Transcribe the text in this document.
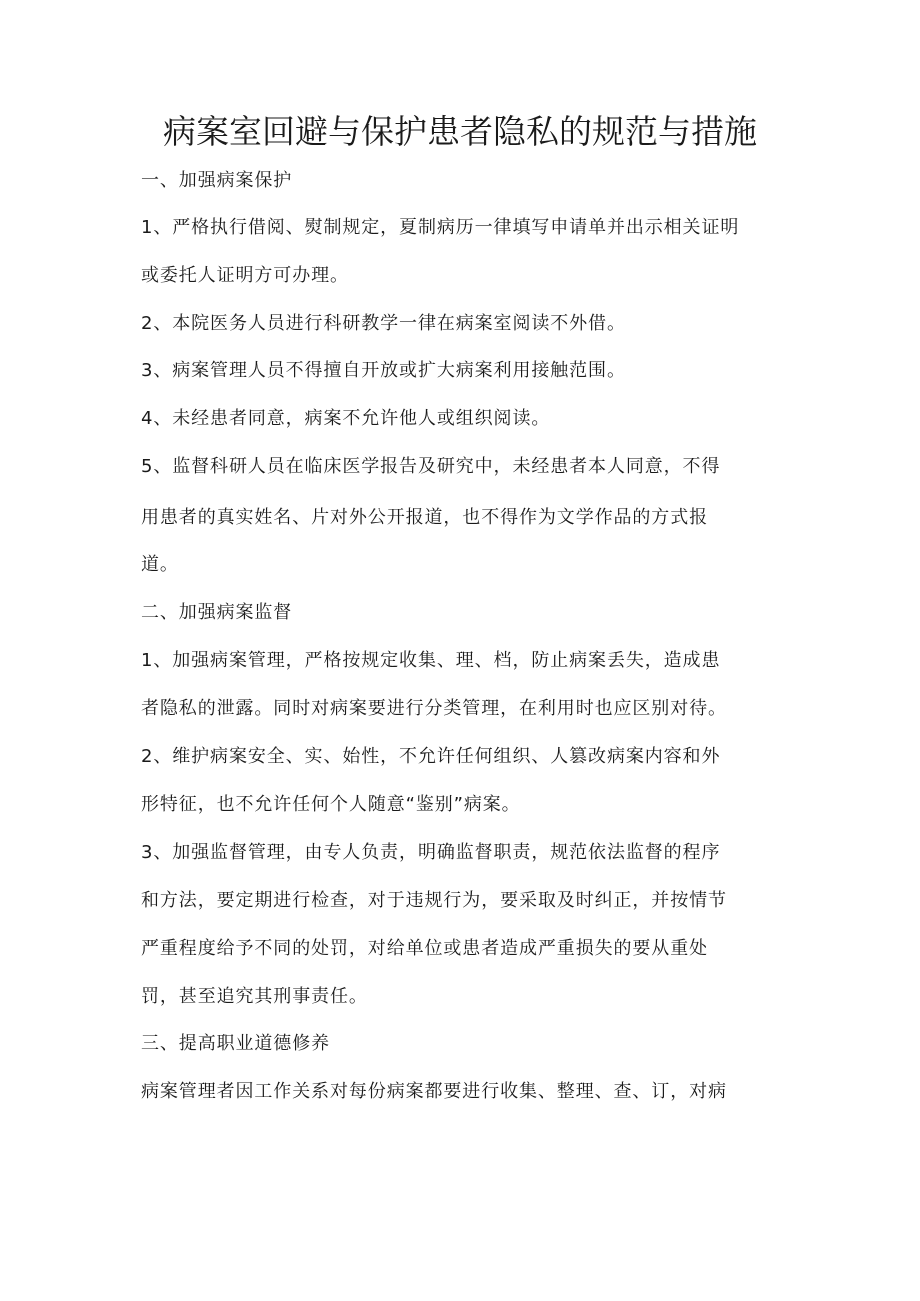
病案室回避与保护患者隐私的规范与措施
一、加强病案保护
1、严格执行借阅、熨制规定，夏制病历一律填写申请单并出示相关证明
或委托人证明方可办理。
2、本院医务人员进行科研教学一律在病案室阅读不外借。
3、病案管理人员不得擅自开放或扩大病案利用接触范围。
4、未经患者同意，病案不允许他人或组织阅读。
5、监督科研人员在临床医学报告及研究中，未经患者本人同意，不得
用患者的真实姓名、片对外公开报道，也不得作为文学作品的方式报
道。
二、加强病案监督
1、加强病案管理，严格按规定收集、理、档，防止病案丢失，造成患
者隐私的泄露。同时对病案要进行分类管理，在利用时也应区别对待。
2、维护病案安全、实、始性，不允许任何组织、人篡改病案内容和外
形特征，也不允许任何个人随意“鉴别”病案。
3、加强监督管理，由专人负责，明确监督职责，规范依法监督的程序
和方法，要定期进行检查，对于违规行为，要采取及时纠正，并按情节
严重程度给予不同的处罚，对给单位或患者造成严重损失的要从重处
罚，甚至追究其刑事责任。
三、提高职业道德修养
病案管理者因工作关系对每份病案都要进行收集、整理、查、订，对病
